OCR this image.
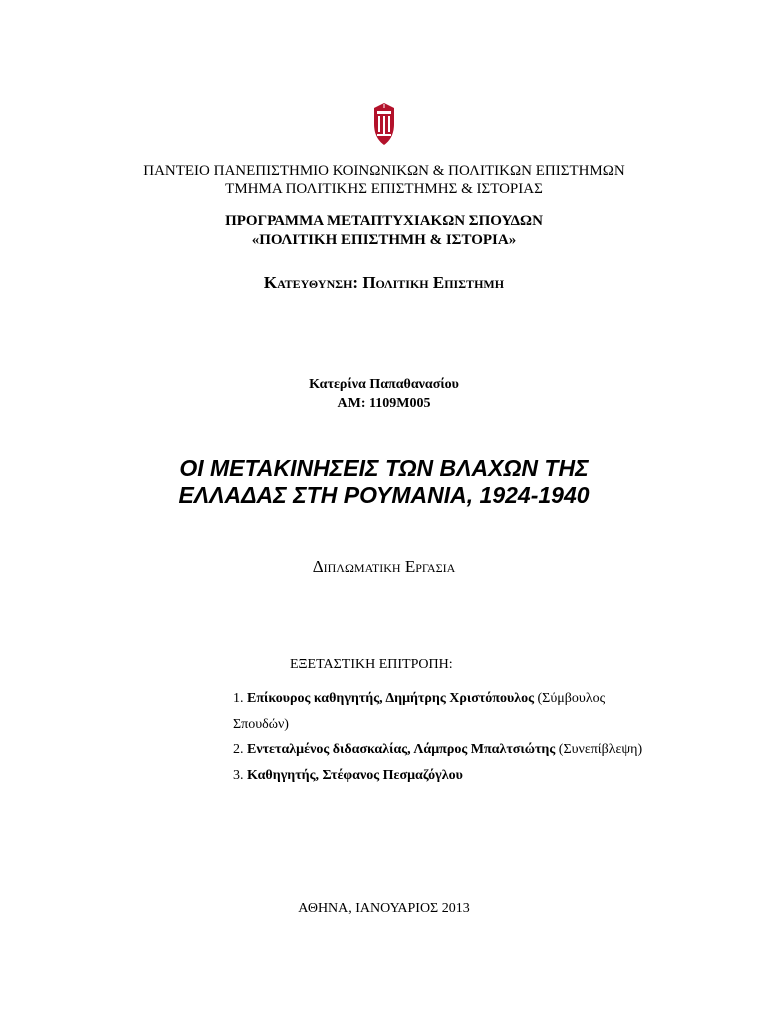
ΠΑΝΤΕΙΟ ΠΑΝΕΠΙΣΤΗΜΙΟ ΚΟΙΝΩΝΙΚΩΝ & ΠΟΛΙΤΙΚΩΝ ΕΠΙΣΤΗΜΩΝ
ΤΜΗΜΑ ΠΟΛΙΤΙΚΗΣ ΕΠΙΣΤΗΜΗΣ & ΙΣΤΟΡΙΑΣ
ΠΡΟΓΡΑΜΜΑ ΜΕΤΑΠΤΥΧΙΑΚΩΝ ΣΠΟΥΔΩΝ
«ΠΟΛΙΤΙΚΗ ΕΠΙΣΤΗΜΗ & ΙΣΤΟΡΙΑ»
Κατευθυνση: Πολιτικη Επιστημη
Κατερίνα Παπαθανασίου
ΑΜ: 1109Μ005
ΟΙ ΜΕΤΑΚΙΝΗΣΕΙΣ ΤΩΝ ΒΛΑΧΩΝ ΤΗΣ
ΕΛΛΑΔΑΣ ΣΤΗ ΡΟΥΜΑΝΙΑ, 1924-1940
Διπλωματικη Εργασια
ΕΞΕΤΑΣΤΙΚΗ ΕΠΙΤΡΟΠΗ:
1. Επίκουρος καθηγητής, Δημήτρης Χριστόπουλος (Σύμβουλος Σπουδών)
2. Εντεταλμένος διδασκαλίας, Λάμπρος Μπαλτσιώτης (Συνεπίβλεψη)
3. Καθηγητής, Στέφανος Πεσμαζόγλου
ΑΘΗΝΑ, ΙΑΝΟΥΑΡΙΟΣ 2013
